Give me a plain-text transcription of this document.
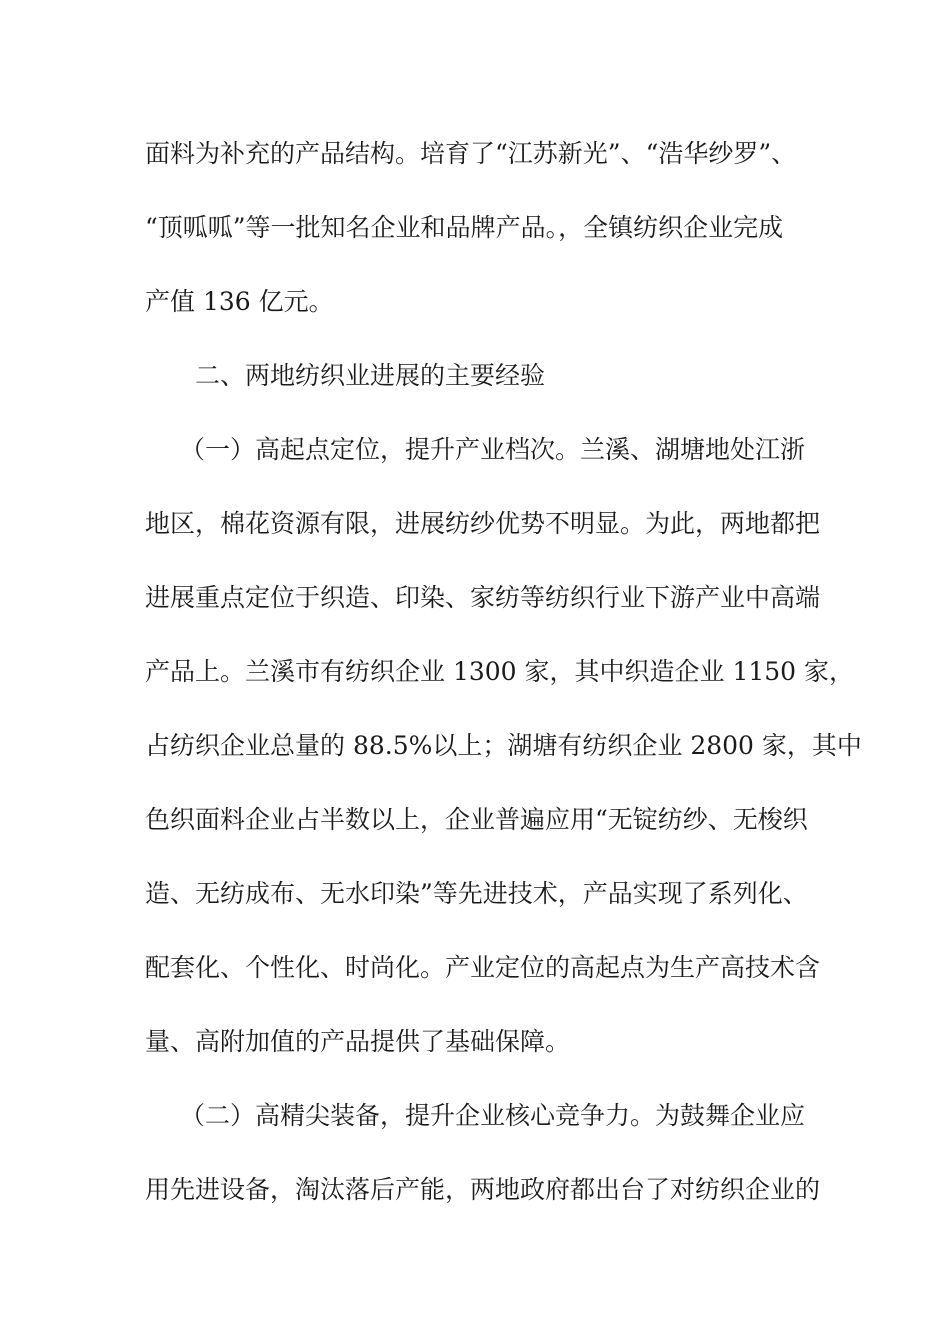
面料为补充的产品结构。培育了“江苏新光”、“浩华纱罗”、
“顶呱呱”等一批知名企业和品牌产品。，全镇纺织企业完成
产值 136 亿元。
二、两地纺织业进展的主要经验
（一）高起点定位，提升产业档次。兰溪、湖塘地处江浙
地区，棉花资源有限，进展纺纱优势不明显。为此，两地都把
进展重点定位于织造、印染、家纺等纺织行业下游产业中高端
产品上。兰溪市有纺织企业 1300 家，其中织造企业 1150 家，
占纺织企业总量的 88.5%以上；湖塘有纺织企业 2800 家，其中
色织面料企业占半数以上，企业普遍应用“无锭纺纱、无梭织
造、无纺成布、无水印染”等先进技术，产品实现了系列化、
配套化、个性化、时尚化。产业定位的高起点为生产高技术含
量、高附加值的产品提供了基础保障。
（二）高精尖装备，提升企业核心竞争力。为鼓舞企业应
用先进设备，淘汰落后产能，两地政府都出台了对纺织企业的
